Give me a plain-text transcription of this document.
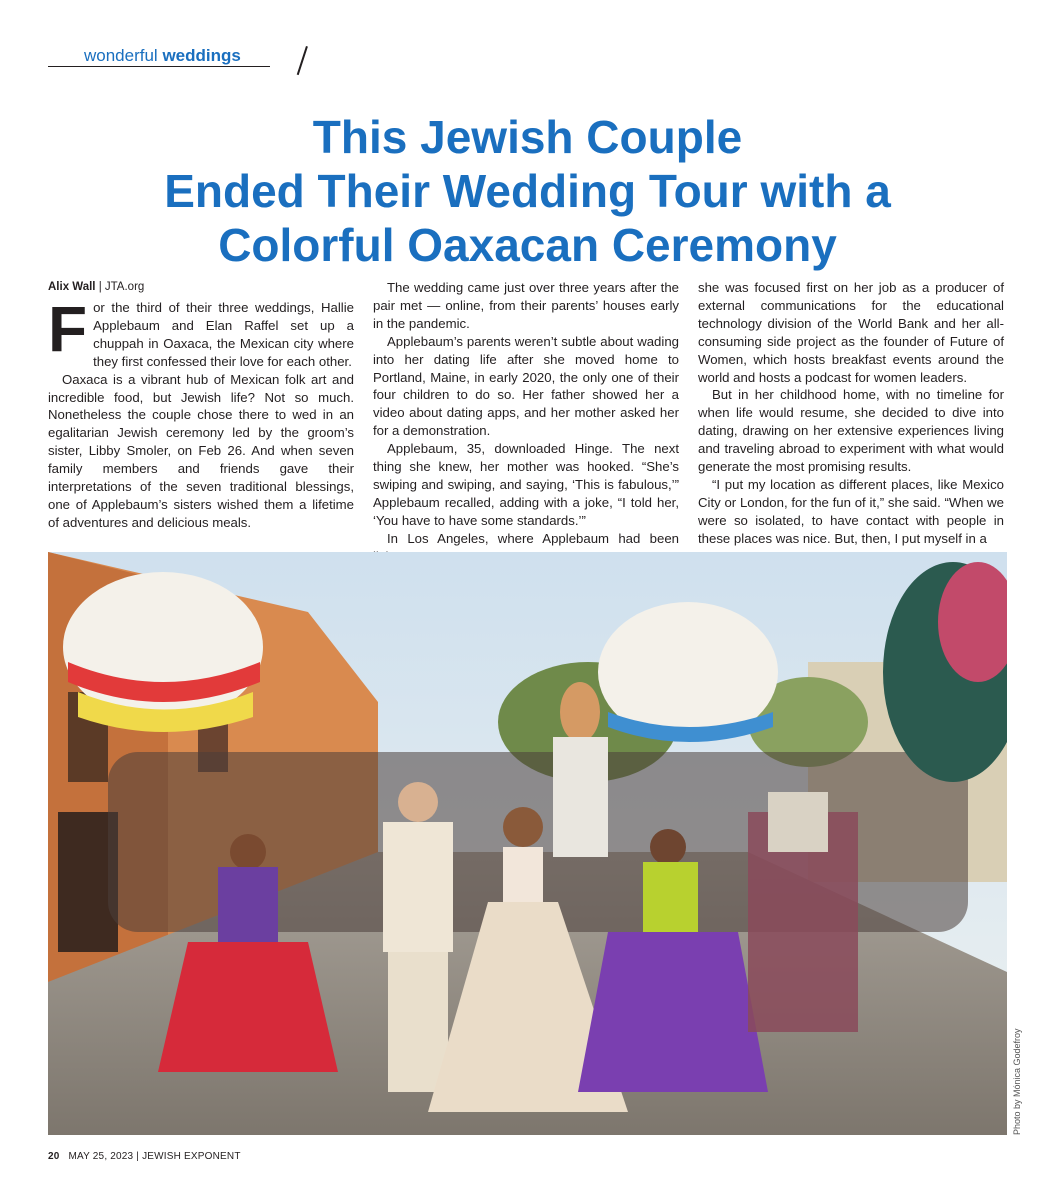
wonderful weddings
This Jewish Couple
Ended Their Wedding Tour with a
Colorful Oaxacan Ceremony
Alix Wall | JTA.org

For the third of their three weddings, Hallie Applebaum and Elan Raffel set up a chuppah in Oaxaca, the Mexican city where they first confessed their love for each other.

Oaxaca is a vibrant hub of Mexican folk art and incredible food, but Jewish life? Not so much. Nonetheless the couple chose there to wed in an egalitarian Jewish ceremony led by the groom’s sister, Libby Smoler, on Feb 26. And when seven family members and friends gave their interpretations of the seven traditional blessings, one of Applebaum’s sisters wished them a lifetime of adventures and delicious meals.

The wedding came just over three years after the pair met — online, from their parents’ houses early in the pandemic.

Applebaum’s parents weren’t subtle about wading into her dating life after she moved home to Portland, Maine, in early 2020, the only one of their four children to do so. Her father showed her a video about dating apps, and her mother asked her for a demonstration.

Applebaum, 35, downloaded Hinge. The next thing she knew, her mother was hooked. “She’s swiping and swiping, and saying, ‘This is fabulous,’” Applebaum recalled, adding with a joke, “I told her, ‘You have to have some standards.’”

In Los Angeles, where Applebaum had been

she was focused first on her job as a producer of external communications for the educational technology division of the World Bank and her all-consuming side project as the founder of Future of Women, which hosts breakfast events around the world and hosts a podcast for women leaders.

But in her childhood home, with no timeline for when life would resume, she decided to dive into dating, drawing on her extensive experiences living and traveling abroad to experiment with what would generate the most promising results.

“I put my location as different places, like Mexico City or London, for the fun of it,” she said. “When we were so isolated, to have contact with people in these places was nice. But, then, I put myself in a

Photo by Mónica Godefroy
20 MAY 25, 2023 | JEWISH EXPONENT
